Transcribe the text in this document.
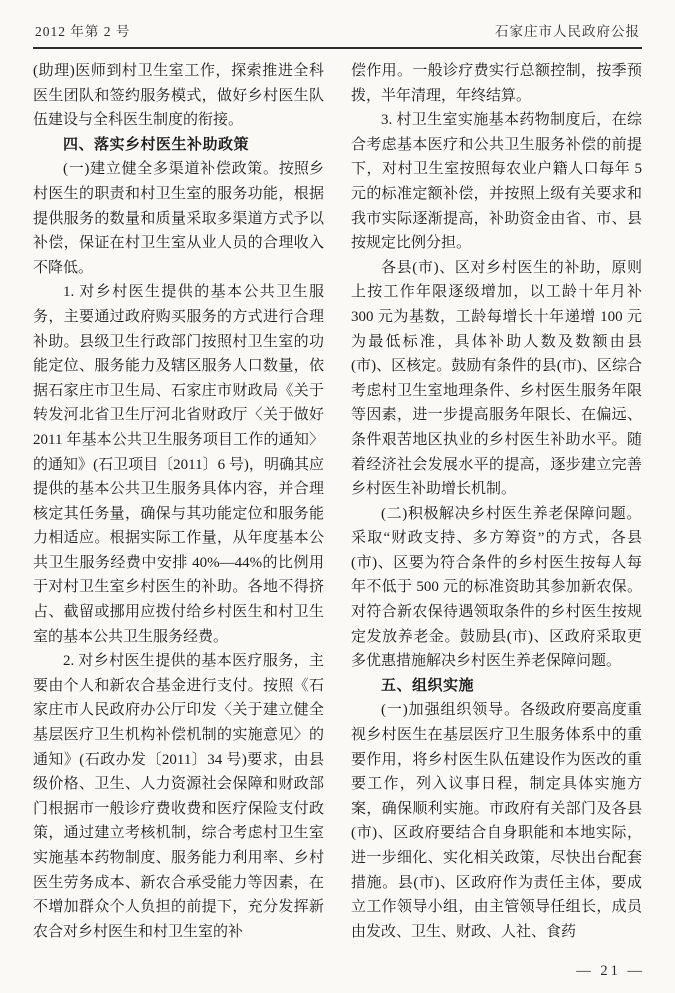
2012 年第 2 号	石家庄市人民政府公报

(助理)医师到村卫生室工作，探索推进全科医生团队和签约服务模式，做好乡村医生队伍建设与全科医生制度的衔接。

四、落实乡村医生补助政策

(一)建立健全多渠道补偿政策。按照乡村医生的职责和村卫生室的服务功能，根据提供服务的数量和质量采取多渠道方式予以补偿，保证在村卫生室从业人员的合理收入不降低。

1. 对乡村医生提供的基本公共卫生服务，主要通过政府购买服务的方式进行合理补助。县级卫生行政部门按照村卫生室的功能定位、服务能力及辖区服务人口数量，依据石家庄市卫生局、石家庄市财政局《关于转发河北省卫生厅河北省财政厅〈关于做好 2011 年基本公共卫生服务项目工作的通知〉的通知》(石卫项目〔2011〕6 号)，明确其应提供的基本公共卫生服务具体内容，并合理核定其任务量，确保与其功能定位和服务能力相适应。根据实际工作量，从年度基本公共卫生服务经费中安排 40%—44%的比例用于对村卫生室乡村医生的补助。各地不得挤占、截留或挪用应拨付给乡村医生和村卫生室的基本公共卫生服务经费。

2. 对乡村医生提供的基本医疗服务，主要由个人和新农合基金进行支付。按照《石家庄市人民政府办公厅印发〈关于建立健全基层医疗卫生机构补偿机制的实施意见〉的通知》(石政办发〔2011〕34 号)要求，由县级价格、卫生、人力资源社会保障和财政部门根据市一般诊疗费收费和医疗保险支付政策，通过建立考核机制，综合考虑村卫生室实施基本药物制度、服务能力利用率、乡村医生劳务成本、新农合承受能力等因素，在不增加群众个人负担的前提下，充分发挥新农合对乡村医生和村卫生室的补

偿作用。一般诊疗费实行总额控制，按季预拨，半年清理，年终结算。

3. 村卫生室实施基本药物制度后，在综合考虑基本医疗和公共卫生服务补偿的前提下，对村卫生室按照每农业户籍人口每年 5 元的标准定额补偿，并按照上级有关要求和我市实际逐渐提高，补助资金由省、市、县按规定比例分担。

各县(市)、区对乡村医生的补助，原则上按工作年限逐级增加，以工龄十年月补 300 元为基数，工龄每增长十年递增 100 元为最低标准，具体补助人数及数额由县(市)、区核定。鼓励有条件的县(市)、区综合考虑村卫生室地理条件、乡村医生服务年限等因素，进一步提高服务年限长、在偏远、条件艰苦地区执业的乡村医生补助水平。随着经济社会发展水平的提高，逐步建立完善乡村医生补助增长机制。

(二)积极解决乡村医生养老保障问题。采取“财政支持、多方筹资”的方式，各县(市)、区要为符合条件的乡村医生按每人每年不低于 500 元的标准资助其参加新农保。对符合新农保待遇领取条件的乡村医生按规定发放养老金。鼓励县(市)、区政府采取更多优惠措施解决乡村医生养老保障问题。

五、组织实施

(一)加强组织领导。各级政府要高度重视乡村医生在基层医疗卫生服务体系中的重要作用，将乡村医生队伍建设作为医改的重要工作，列入议事日程，制定具体实施方案，确保顺利实施。市政府有关部门及各县(市)、区政府要结合自身职能和本地实际，进一步细化、实化相关政策，尽快出台配套措施。县(市)、区政府作为责任主体，要成立工作领导小组，由主管领导任组长，成员由发改、卫生、财政、人社、食药

— 21 —
